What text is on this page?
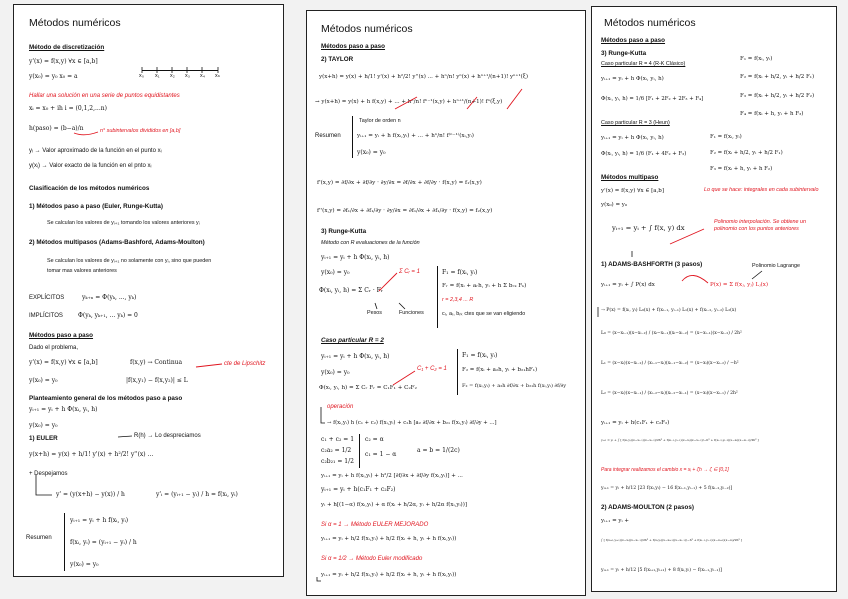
Métodos numéricos
Método de discretización
y'(x) = f(x,y) ∀x ∈ [a,b]
y(x₀) = y₀ x₀ = a	x₀ x₁ x₂ x₃ x₄ xₙ
Hallar una solución en una serie de puntos equidistantes
xᵢ = x₀ + ih i = (0,1,2,...n)
h(paso) = (b−a)/n	n° subintervalos divididos en [a,b]
yᵢ → Valor aproximado de la función en el punto xᵢ
y(xᵢ) → Valor exacto de la función en el pnto xᵢ
Clasificación de los métodos numéricos
1) Métodos paso a paso (Euler, Runge-Kutta)
Se calculan los valores de yᵢ₊₁ tomando los valores anteriores yᵢ
2) Métodos multipasos (Adams-Bashford, Adams-Moulton)
Se calculan los valores de yᵢ₊₁ no solamente con yᵢ, sino que pueden
tomar mas valores anteriores
EXPLÍCITOS	yₖ₊ₙ = Φ(yₖ, ..., yₖ)
IMPLÍCITOS	Φ(yₖ, yₖ₊₁, ... yₖ) = 0
Métodos paso a paso
Dado el problema,
y'(x) = f(x,y) ∀x ∈ [a,b]	f(x,y) → Continua	cte de Lipschitz
y(x₀) = y₀	|f(x,y₁) − f(x,y₂)| ≤ L
Planteamiento general de los métodos paso a paso
yᵢ₊₁ = yᵢ + h Φ(xᵢ, yᵢ, h)
y(x₀) = y₀
1) EULER	R(h) → Lo despreciamos
y(x+h) = y(x) + h/1! y'(x) + h²/2! y''(x) ...
+ Despejamos
y' = (y(x+h) − y(x)) / h	y'ᵢ = (yᵢ₊₁ − yᵢ) / h = f(xᵢ, yᵢ)
Resumen
yᵢ₊₁ = yᵢ + h f(xᵢ, yᵢ)
f(xᵢ, yᵢ) = (yᵢ₊₁ − yᵢ) / h
y(x₀) = y₀
Métodos numéricos
Métodos paso a paso
2) TAYLOR
y(x+h) = y(x) + h/1! y'(x) + h²/2! y''(x) ... + hⁿ/n! yⁿ(x) + hⁿ⁺¹/(n+1)! yⁿ⁺¹(ξ)
→ y(x+h) = y(x) + h f(x,y) + ... + hⁿ/n! fⁿ⁻¹(x,y) + hⁿ⁺¹/(n+1)! fⁿ(ξ,y)
Taylor de orden n
Resumen	yᵢ₊₁ = yᵢ + h f(xᵢ,yᵢ) + ... + hⁿ/n! f⁽ⁿ⁻¹⁾(xᵢ,yᵢ)
y(x₀) = y₀
f'(x,y) = ∂f/∂x + ∂f/∂y · ∂y/∂x = ∂f/∂x + ∂f/∂y · f(x,y) = f₁(x,y)
f''(x,y) = ∂f₁/∂x + ∂f₁/∂y · ∂y/∂x = ∂f₁/∂x + ∂f₁/∂y · f(x,y) = f₂(x,y)
3) Runge-Kutta
Método con R evaluaciones de la función
yᵢ₊₁ = yᵢ + h Φ(xᵢ, yᵢ, h)
y(x₀) = y₀
Φ(xᵢ, yᵢ, h) = Σ Cᵣ · Fᵣ
Σ Cᵣ = 1
Pesos	Funciones
F₁ = f(xᵢ, yᵢ)
Fᵣ = f(xᵢ + aᵣh, yᵢ + h Σ bᵣₖ Fₖ)
r = 2,3,4 ... R
cᵣ, aᵣ, bᵣₖ ctes que se van eligiendo
Caso particular R = 2
yᵢ₊₁ = yᵢ + h Φ(xᵢ, yᵢ, h)
y(x₀) = y₀
Φ(xᵢ, yᵢ, h) = Σ Cᵣ Fᵣ = C₁F₁ + C₂F₂
C₁ + C₂ = 1
F₁ = f(xᵢ, yᵢ)
F₂ = f(xᵢ + a₂h, yᵢ + b₂₁hF₁)
F₂ = f(xᵢ,yᵢ) + a₂h ∂f/∂x + b₂₁h f(xᵢ,yᵢ) ∂f/∂y
operación
→ f(xᵢ,yᵢ) h (c₁ + c₂) f(xᵢ,yᵢ) + c₂h [a₂ ∂f/∂x + b₂₁ f(xᵢ,yᵢ) ∂f/∂y + ...]
c₁ + c₂ = 1
c₂a₂ = 1/2
c₂b₂₁ = 1/2
c₂ = α
c₁ = 1 − α
a = b = 1/(2c)
yᵢ₊₁ = yᵢ + h f(xᵢ,yᵢ) + h²/2 [∂f/∂x + ∂f/∂y f(xᵢ,yᵢ)] + ...
yᵢ₊₁ = yᵢ + h(c₁F₁ + c₂F₂)
yᵢ + h[(1−α) f(xᵢ,yᵢ) + α f(xᵢ + h/2α, yᵢ + h/2α f(xᵢ,yᵢ))]
Si α = 1 → Método EULER MEJORADO
yᵢ₊₁ = yᵢ + h/2 f(xᵢ,yᵢ) + h/2 f(xᵢ + h, yᵢ + h f(xᵢ,yᵢ))
Si α = 1/2 → Método Euler modificado
yᵢ₊₁ = yᵢ + h/2 f(xᵢ,yᵢ) + h/2 f(xᵢ + h, yᵢ + h f(xᵢ,yᵢ))
Métodos numéricos
Métodos paso a paso
3) Runge-Kutta
Caso particular R = 4 (R-K Clásico)
yᵢ₊₁ = yᵢ + h Φ(xᵢ, yᵢ, h)
Φ(xᵢ, yᵢ, h) = 1/6 [F₁ + 2F₂ + 2F₃ + F₄]
F₁ = f(xᵢ, yᵢ)
F₂ = f(xᵢ + h/2, yᵢ + h/2 F₁)
F₃ = f(xᵢ + h/2, yᵢ + h/2 F₂)
F₄ = f(xᵢ + h, yᵢ + h F₃)
Caso particular R = 3 (Heun)
yᵢ₊₁ = yᵢ + h Φ(xᵢ, yᵢ, h)
Φ(xᵢ, yᵢ, h) = 1/6 (F₁ + 4F₂ + F₃)
F₁ = f(xᵢ, yᵢ)
F₂ = f(xᵢ + h/2, yᵢ + h/2 F₁)
F₃ = f(xᵢ + h, yᵢ + h F₂)
Métodos multipaso
y'(x) = f(x,y) ∀x ∈ [a,b]
y(x₀) = y₀
Lo que se hace: integrales en cada subintervalo
yᵢ₊₁ = yᵢ + ∫ f(x, y) dx
Polinomio interpolación. Se obtiene un polinomio con los puntos anteriores
1) ADAMS-BASHFORTH (3 pasos)	Polinomio Lagrange
yᵢ₊₁ = yᵢ + ∫ P(x) dx	P(x) = Σ f(xⱼ, yⱼ) Lⱼ(x)
→ P(x) = f(xᵢ, yᵢ) L₀(x) + f(xᵢ₋₁, yᵢ₋₁) L₁(x) + f(xᵢ₋₂, yᵢ₋₂) L₂(x)
L₀ = (x−xᵢ₋₁)(x−xᵢ₋₂) / (xᵢ−xᵢ₋₁)(xᵢ−xᵢ₋₂) = (x−xᵢ₋₁)(x−xᵢ₋₂) / 2h²
L₁ = (x−xᵢ)(x−xᵢ₋₂) / (xᵢ₋₁−xᵢ)(xᵢ₋₁−xᵢ₋₂) = (x−xᵢ)(x−xᵢ₋₂) / −h²
L₂ = (x−xᵢ)(x−xᵢ₋₁) / (xᵢ₋₂−xᵢ)(xᵢ₋₂−xᵢ₋₁) = (x−xᵢ)(x−xᵢ₋₁) / 2h²
yᵢ₊₁ = yᵢ + h(c₁F₁ + c₂F₂)
yᵢ₊₁ = yᵢ + ∫ [ f(xᵢ,yᵢ)(x−xᵢ₋₁)(x−xᵢ₋₂)/2h² + f(xᵢ₋₁,yᵢ₋₁)(x−xᵢ)(x−xᵢ₋₂)/−h² + f(xᵢ₋₂,yᵢ₋₂)(x−xᵢ)(x−xᵢ₋₁)/2h² ]
Para integrar realizamos el cambio x = xᵢ + ζh → ζ ∈ [0,1]
yᵢ₊₁ = yᵢ + h/12 [23 f(xᵢ,yᵢ) − 16 f(xᵢ₋₁,yᵢ₋₁) + 5 f(xᵢ₋₂,yᵢ₋₂)]
2) ADAMS-MOULTON (2 pasos)
yᵢ₊₁ = yᵢ +
∫ [ f(xᵢ₊₁,yᵢ₊₁)(x−xᵢ)(x−xᵢ₋₁)/2h² + f(xᵢ,yᵢ)(x−xᵢ₊₁)(x−xᵢ₋₁)/−h² + f(xᵢ₋₁,yᵢ₋₁)(x−xᵢ₊₁)(x−xᵢ)/2h² ]
yᵢ₊₁ = yᵢ + h/12 [5 f(xᵢ₊₁,yᵢ₊₁) + 8 f(xᵢ,yᵢ) − f(xᵢ₋₁,yᵢ₋₁)]
